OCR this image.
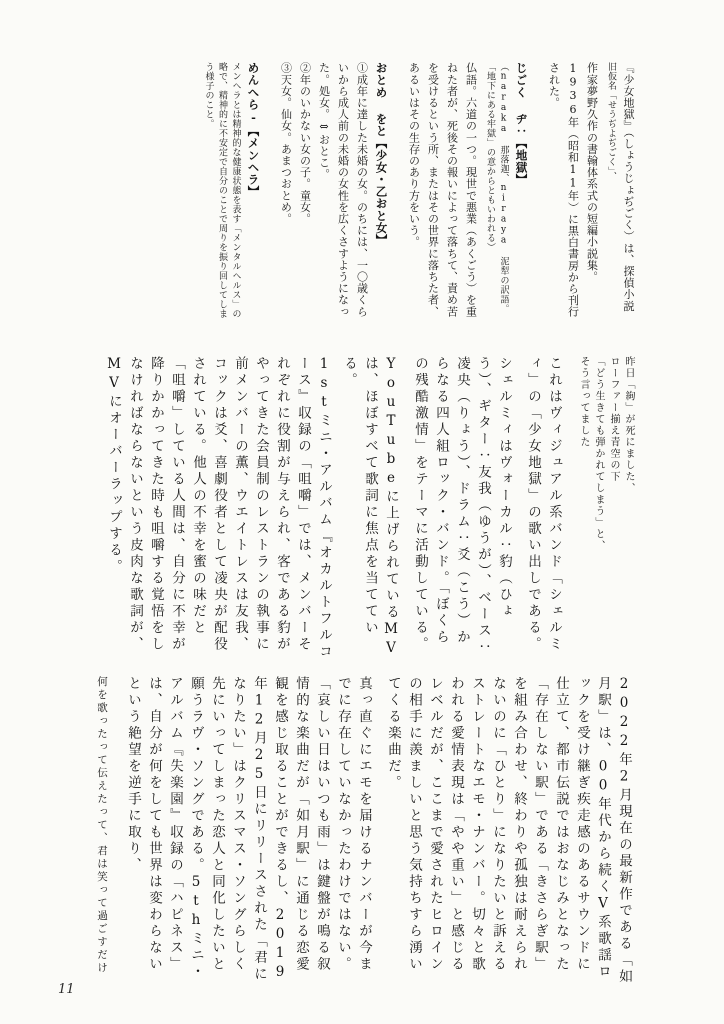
『少女地獄』（しょうじょぢごく）は、探偵小説

旧仮名「せうぢよぢごく」、

作家夢野久作の書翰体系式の短編小説集。1936年（昭和11年）に黒白書房から刊行された。

じごく ヂ：【地獄】

（naraka 那落迦、niraya 泥犁の訳語。「地下にある牢獄」の意からともいわれる）

仏語。六道の一つ。現世で悪業（あくごう）を重ねた者が、死後その報いによって落ちて、責め苦を受けるという所、またはその世界に落ちた者、あるいはその生存のあり方をいう。

おとめ をと【少女・乙おと女】

①成年に達した未婚の女。のちには、一〇歳くらいから成人前の未婚の女性を広くさすようになった。処女。⇔おとこ。

②年のいかない女の子。童女。

③天女。仙女。あまつおとめ。

めんへら‐【メンヘラ】

メンヘラとは精神的な健康状態を表す「メンタルヘルス」の略で、精神的に不安定で自分のことで周りを振り回してしまう様子のこと。

昨日「絢」が死にました、

ローファー揃え青空の下

「どう生きても弾かれてしまう」と、

そう言ってました

これはヴィジュアル系バンド「シェルミィ」の「少女地獄」の歌い出しである。

シェルミィはヴォーカル：豹（ひょう）、ギター：友我（ゆうが）、ベース：凌央（りょう）、ドラム：爻（こう）からなる四人組ロック・バンド。「ぼくらの残酷激情」をテーマに活動している。

YouTubeに上げられているMVは、ほぼすべて歌詞に焦点を当てている。

1stミニ・アルバム『オカルトフルコース』収録の「咀嚼」では、メンバーそれぞれに役割が与えられ、客である豹がやってきた会員制のレストランの執事に前メンバーの薫、ウエイトレスは友我、コックは爻、喜劇役者として凌央が配役されている。他人の不幸を蜜の味だと「咀嚼」している人間は、自分に不幸が降りかかってきた時も咀嚼する覚悟をしなければならないという皮肉な歌詞が、MVにオーバーラップする。

2022年2月現在の最新作である「如月駅」は、00年代から続くV系歌謡ロックを受け継ぎ疾走感のあるサウンドに仕立て、都市伝説ではおなじみとなった「存在しない駅」である「きさらぎ駅」を組み合わせ、終わりや孤独は耐えられないのに「ひとり」になりたいと訴えるストレートなエモ・ナンバー。切々と歌われる愛情表現は「やや重い」と感じるレベルだが、ここまで愛されたヒロインの相手に羨ましいと思う気持ちすら湧いてくる楽曲だ。

真っ直ぐにエモを届けるナンバーが今までに存在していなかったわけではない。「哀しい日はいつも雨」は鍵盤が鳴る叙情的な楽曲だが「如月駅」に通じる恋愛観を感じ取ることができるし、2019年12月25日にリリースされた「君になりたい」はクリスマス・ソングらしく先にいってしまった恋人と同化したいと願うラヴ・ソングである。5thミニ・アルバム『失楽園』収録の「ハピネス」は、自分が何をしても世界は変わらないという絶望を逆手に取り、

何を歌ったって伝えたって、君は笑って過ごすだけ

11
